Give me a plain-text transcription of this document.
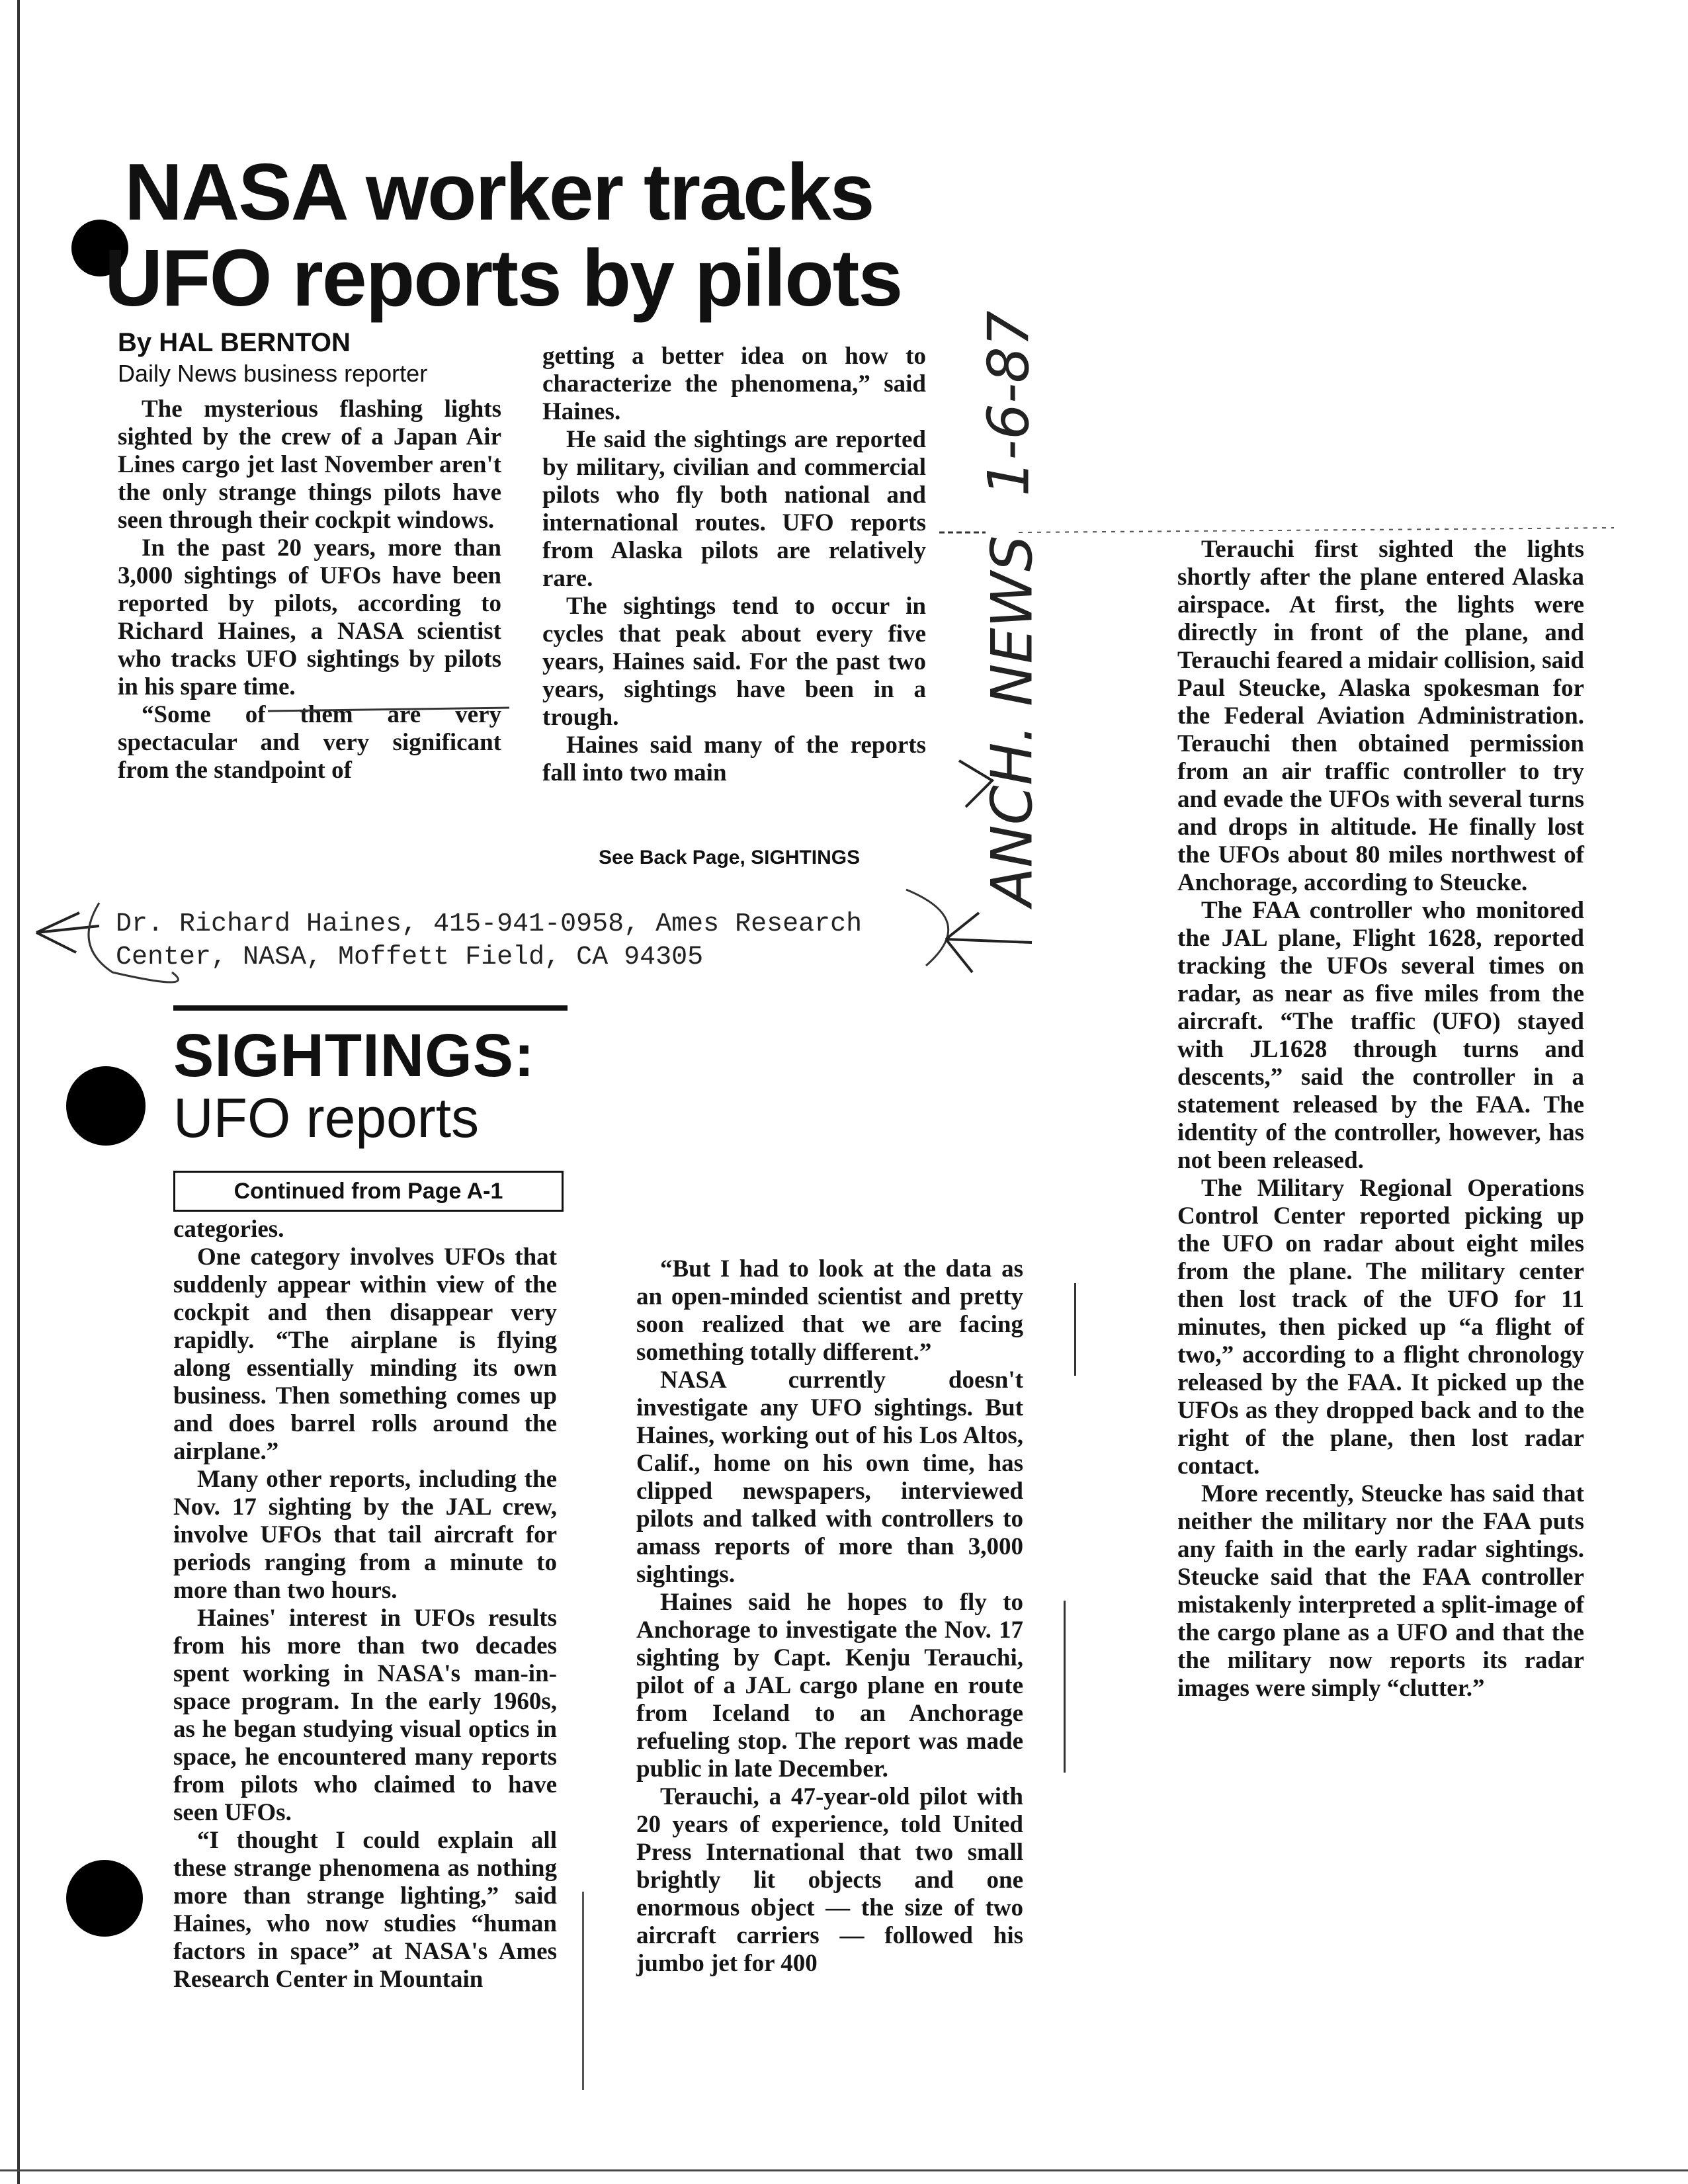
NASA worker tracks
UFO reports by pilots
By HAL BERNTON
Daily News business reporter

The mysterious flashing lights sighted by the crew of a Japan Air Lines cargo jet last November aren't the only strange things pilots have seen through their cockpit windows.

In the past 20 years, more than 3,000 sightings of UFOs have been reported by pilots, according to Richard Haines, a NASA scientist who tracks UFO sightings by pilots in his spare time.

“Some of them are very spectacular and very significant from the standpoint of

getting a better idea on how to characterize the phenomena,” said Haines.

He said the sightings are reported by military, civilian and commercial pilots who fly both national and international routes. UFO reports from Alaska pilots are relatively rare.

The sightings tend to occur in cycles that peak about every five years, Haines said. For the past two years, sightings have been in a trough.

Haines said many of the reports fall into two main

See Back Page, SIGHTINGS
1-6-87
ANCH. NEWS
Dr. Richard Haines, 415-941-0958, Ames Research
Center, NASA, Moffett Field, CA 94305
SIGHTINGS:
UFO reports
Continued from Page A-1

categories.

One category involves UFOs that suddenly appear within view of the cockpit and then disappear very rapidly. “The airplane is flying along essentially minding its own business. Then something comes up and does barrel rolls around the airplane.”

Many other reports, including the Nov. 17 sighting by the JAL crew, involve UFOs that tail aircraft for periods ranging from a minute to more than two hours.

Haines' interest in UFOs results from his more than two decades spent working in NASA's man-in-space program. In the early 1960s, as he began studying visual optics in space, he encountered many reports from pilots who claimed to have seen UFOs.

“I thought I could explain all these strange phenomena as nothing more than strange lighting,” said Haines, who now studies “human factors in space” at NASA's Ames Research Center in Mountain

“But I had to look at the data as an open-minded scientist and pretty soon realized that we are facing something totally different.”

NASA currently doesn't investigate any UFO sightings. But Haines, working out of his Los Altos, Calif., home on his own time, has clipped newspapers, interviewed pilots and talked with controllers to amass reports of more than 3,000 sightings.

Haines said he hopes to fly to Anchorage to investigate the Nov. 17 sighting by Capt. Kenju Terauchi, pilot of a JAL cargo plane en route from Iceland to an Anchorage refueling stop. The report was made public in late December.

Terauchi, a 47-year-old pilot with 20 years of experience, told United Press International that two small brightly lit objects and one enormous object — the size of two aircraft carriers — followed his jumbo jet for 400

Terauchi first sighted the lights shortly after the plane entered Alaska airspace. At first, the lights were directly in front of the plane, and Terauchi feared a midair collision, said Paul Steucke, Alaska spokesman for the Federal Aviation Administration. Terauchi then obtained permission from an air traffic controller to try and evade the UFOs with several turns and drops in altitude. He finally lost the UFOs about 80 miles northwest of Anchorage, according to Steucke.

The FAA controller who monitored the JAL plane, Flight 1628, reported tracking the UFOs several times on radar, as near as five miles from the aircraft. “The traffic (UFO) stayed with JL1628 through turns and descents,” said the controller in a statement released by the FAA. The identity of the controller, however, has not been released.

The Military Regional Operations Control Center reported picking up the UFO on radar about eight miles from the plane. The military center then lost track of the UFO for 11 minutes, then picked up “a flight of two,” according to a flight chronology released by the FAA. It picked up the UFOs as they dropped back and to the right of the plane, then lost radar contact.

More recently, Steucke has said that neither the military nor the FAA puts any faith in the early radar sightings. Steucke said that the FAA controller mistakenly interpreted a split-image of the cargo plane as a UFO and that the the military now reports its radar images were simply “clutter.”
